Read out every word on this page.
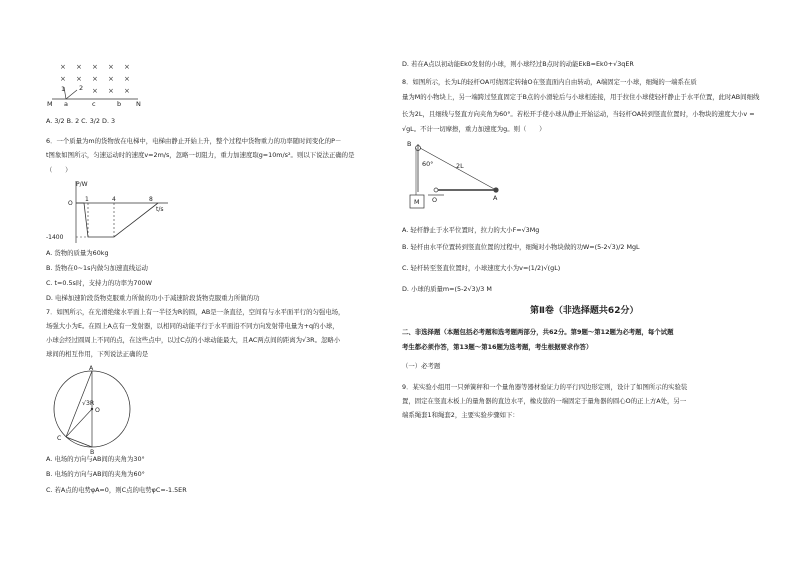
× × × × ×
× × × × ×
× × ×
M a	c	b N
1 2
A. 3/2 B. 2 C. 3/2 D. 3
6．一个质量为m的货物放在电梯中，电梯由静止开始上升，整个过程中货物重力的功率随时间变化的P－
t图象如图所示，匀速运动时的速度v=2m/s，忽略一切阻力，重力加速度取g=10m/s²。则以下说法正确的是
（　　）
P/W
t/s
O
1	4	8
-1400
A. 货物的质量为60kg
B. 货物在0~1s内做匀加速直线运动
C. t=0.5s时，支持力的功率为700W
D. 电梯加速阶段货物克服重力所做的功小于减速阶段货物克服重力所做的功
7．如图所示，在光滑绝缘水平面上有一半径为R的圆，AB是一条直径，空间有与水平面平行的匀强电场，
场强大小为E。在圆上A点有一发射器，以相同的动能平行于水平面沿不同方向发射带电量为+q的小球，
小球会经过圆周上不同的点，在这些点中，以过C点的小球动能最大，且AC两点间的距离为√3R。忽略小
球间的相互作用，下列说法正确的是
A
B
C
O
√3R
A. 电场的方向与AB间的夹角为30°
B. 电场的方向与AB间的夹角为60°
C. 若A点的电势φA=0，则C点的电势φC=-1.5ER
D. 若在A点以初动能Ek0发射的小球，则小球经过B点时的动能EkB=Ek0+√3qER
8．如图所示，长为L的轻杆OA可绕固定转轴O在竖直面内自由转动，A端固定一小球，细绳的一端系在质
量为M的小物块上，另一端跨过竖直固定于B点的小滑轮后与小球相连接，用于拉住小球使轻杆静止于水平位置，此时AB间细线
长为2L，且细线与竖直方向夹角为60°。若松开手使小球从静止开始运动，当轻杆OA转到竖直位置时，小物块的速度大小v =
√gL。不计一切摩擦，重力加速度为g。则（　　）
B
60°	2L
O	A
M
A. 轻杆静止于水平位置时，拉力的大小F=√3Mg
B. 轻杆由水平位置转到竖直位置的过程中，细绳对小物块做的功W=(5-2√3)/2 MgL
C. 轻杆转至竖直位置时，小球速度大小为v=(1/2)√(gL)
D. 小球的质量m=(5-2√3)/3 M
第Ⅱ卷（非选择题共62分）
二、非选择题（本题包括必考题和选考题两部分，共62分。第9题～第12题为必考题，每个试题
考生都必须作答，第13题～第16题为选考题，考生根据要求作答）
（一）必考题
9．某实验小组用一只弹簧秤和一个量角器等器材验证力的平行四边形定则，设计了如图所示的实验装
置，固定在竖直木板上的量角器的直边水平，橡皮筋的一端固定于量角器的圆心O的正上方A处，另一
端系绳套1和绳套2，主要实验步骤如下：
